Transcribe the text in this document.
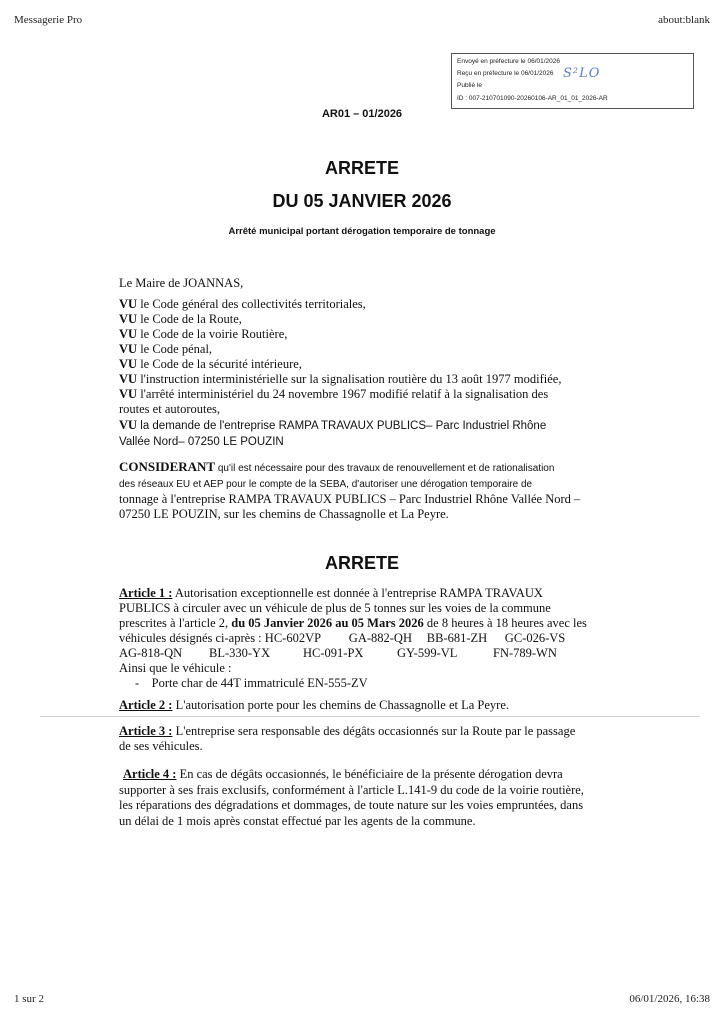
Messagerie Pro	about:blank
1 sur 2	06/01/2026, 16:38
Envoyé en préfecture le 06/01/2026
Reçu en préfecture le 06/01/2026
Publié le
ID : 007-210701090-20260106-AR_01_01_2026-AR
S²LO
AR01 – 01/2026
ARRETE
DU 05 JANVIER 2026
Arrêté municipal portant dérogation temporaire de tonnage

Le Maire de JOANNAS,

VU le Code général des collectivités territoriales,

VU le Code de la Route,

VU le Code de la voirie Routière,

VU le Code pénal,

VU le Code de la sécurité intérieure,

VU l'instruction interministérielle sur la signalisation routière du 13 août 1977 modifiée,

VU l'arrêté interministériel du 24 novembre 1967 modifié relatif à la signalisation des

routes et autoroutes,

VU la demande de l'entreprise RAMPA TRAVAUX PUBLICS– Parc Industriel Rhône

Vallée Nord– 07250 LE POUZIN

CONSIDERANT qu'il est nécessaire pour des travaux de renouvellement et de rationalisation

des réseaux EU et AEP pour le compte de la SEBA, d'autoriser une dérogation temporaire de

tonnage à l'entreprise RAMPA TRAVAUX PUBLICS – Parc Industriel Rhône Vallée Nord –

07250 LE POUZIN, sur les chemins de Chassagnolle et La Peyre.

ARRETE

Article 1 : Autorisation exceptionnelle est donnée à l'entreprise RAMPA TRAVAUX

PUBLICS à circuler avec un véhicule de plus de 5 tonnes sur les voies de la commune

prescrites à l'article 2, du 05 Janvier 2026 au 05 Mars 2026 de 8 heures à 18 heures avec les

véhicules désignés ci-après : HC-602VP GA-882-QH BB-681-ZH GC-026-VS

AG-818-QN BL-330-YX	HC-091-PX	GY-599-VL	FN-789-WN

Ainsi que le véhicule :

-    Porte char de 44T immatriculé EN-555-ZV

Article 2 : L'autorisation porte pour les chemins de Chassagnolle et La Peyre.

Article 3 : L'entreprise sera responsable des dégâts occasionnés sur la Route par le passage

de ses véhicules.

Article 4 : En cas de dégâts occasionnés, le bénéficiaire de la présente dérogation devra

supporter à ses frais exclusifs, conformément à l'article L.141-9 du code de la voirie routière,

les réparations des dégradations et dommages, de toute nature sur les voies empruntées, dans

un délai de 1 mois après constat effectué par les agents de la commune.
